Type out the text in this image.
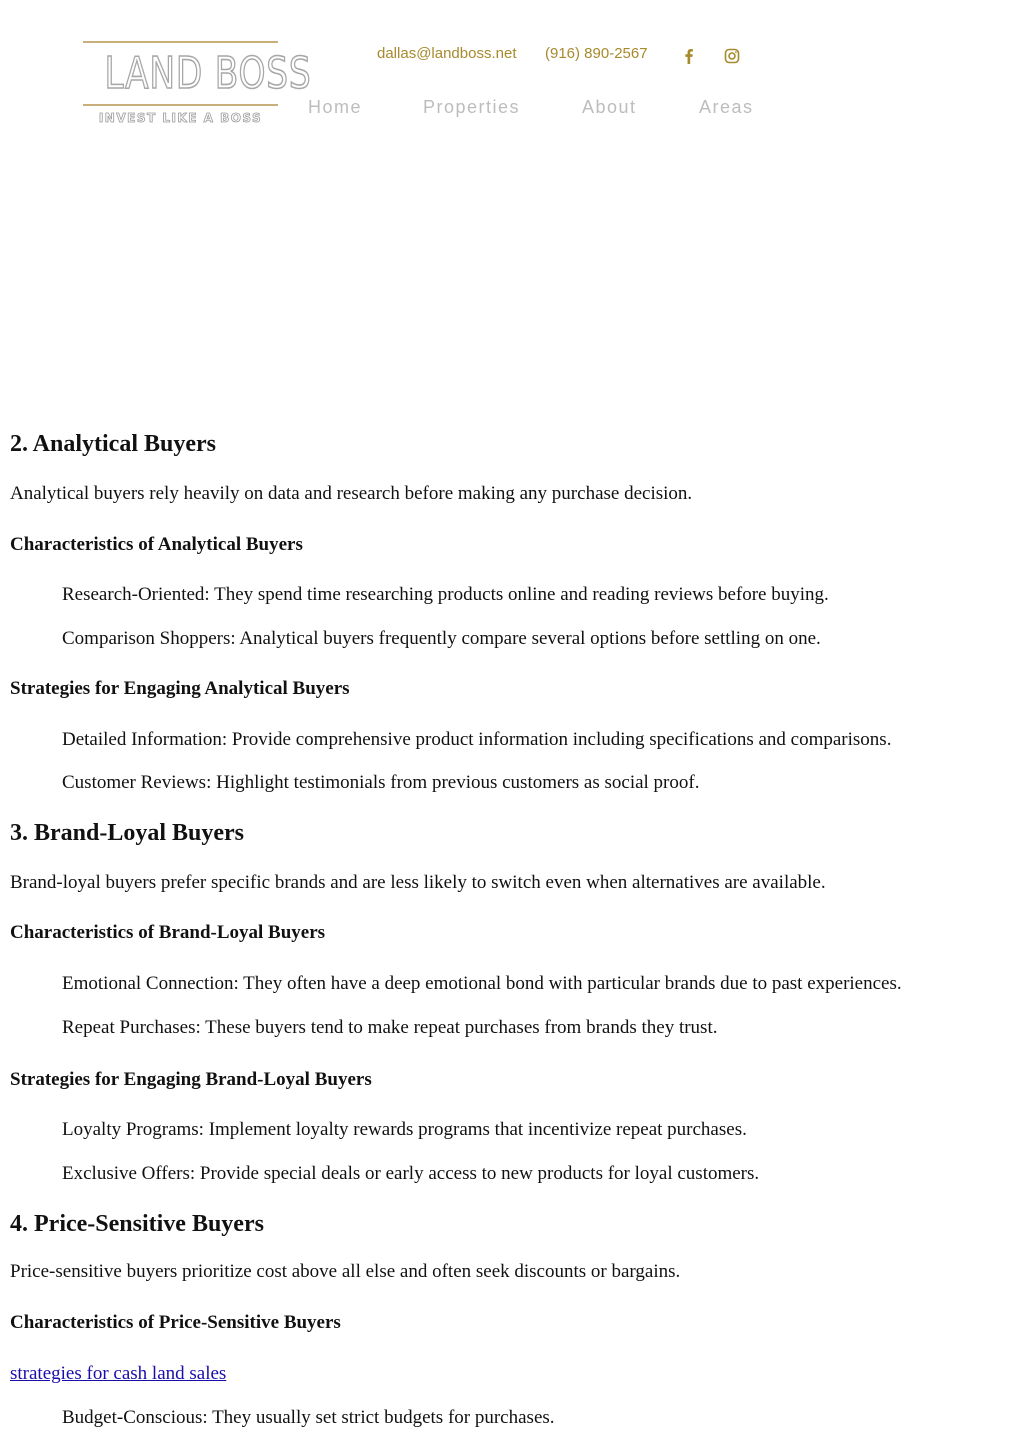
LAND BOSS
INVEST LIKE A BOSS
dallas@landboss.net (916) 890-2567
Home	Properties	About	Areas
2. Analytical Buyers

Analytical buyers rely heavily on data and research before making any purchase decision.

Characteristics of Analytical Buyers

Research-Oriented: They spend time researching products online and reading reviews before buying.

Comparison Shoppers: Analytical buyers frequently compare several options before settling on one.

Strategies for Engaging Analytical Buyers

Detailed Information: Provide comprehensive product information including specifications and comparisons.

Customer Reviews: Highlight testimonials from previous customers as social proof.

3. Brand-Loyal Buyers

Brand-loyal buyers prefer specific brands and are less likely to switch even when alternatives are available.

Characteristics of Brand-Loyal Buyers

Emotional Connection: They often have a deep emotional bond with particular brands due to past experiences.

Repeat Purchases: These buyers tend to make repeat purchases from brands they trust.

Strategies for Engaging Brand-Loyal Buyers

Loyalty Programs: Implement loyalty rewards programs that incentivize repeat purchases.

Exclusive Offers: Provide special deals or early access to new products for loyal customers.

4. Price-Sensitive Buyers

Price-sensitive buyers prioritize cost above all else and often seek discounts or bargains.

Characteristics of Price-Sensitive Buyers

strategies for cash land sales

Budget-Conscious: They usually set strict budgets for purchases.
